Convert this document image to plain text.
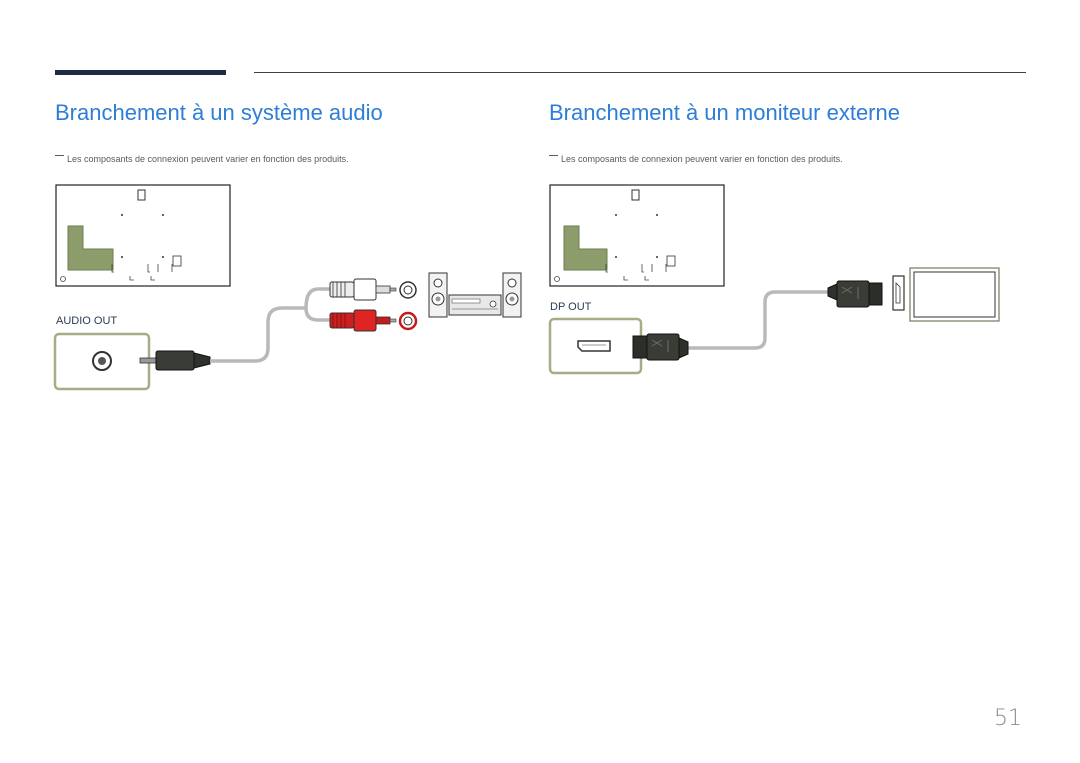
Branchement à un système audio
Les composants de connexion peuvent varier en fonction des produits.
AUDIO OUT
Branchement à un moniteur externe
Les composants de connexion peuvent varier en fonction des produits.
DP OUT
51
